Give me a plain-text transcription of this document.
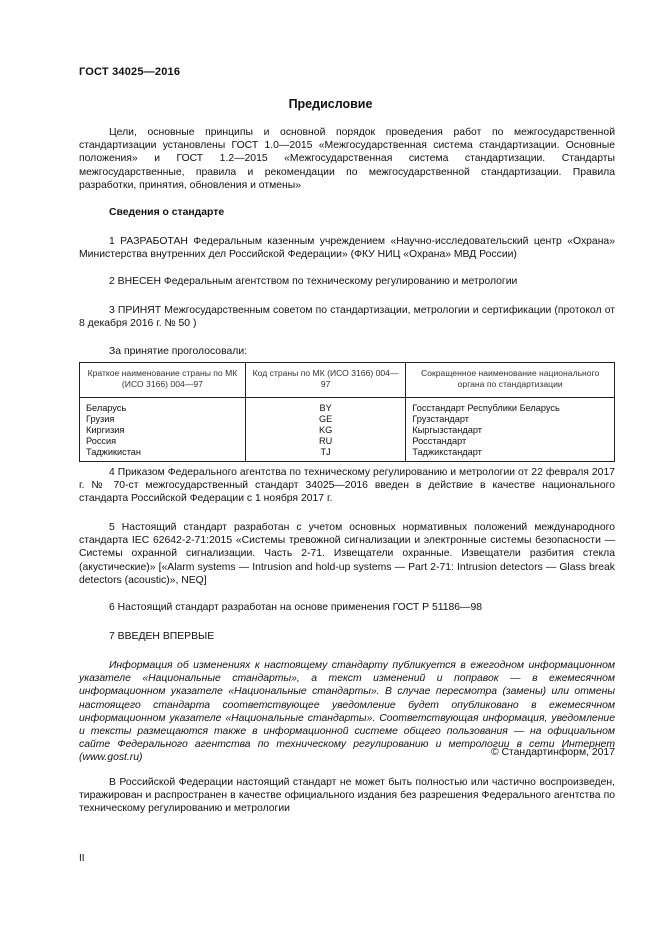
ГОСТ 34025—2016
Предисловие

Цели, основные принципы и основной порядок проведения работ по межгосударственной стандартизации установлены ГОСТ 1.0—2015 «Межгосударственная система стандартизации. Основные положения» и ГОСТ 1.2—2015 «Межгосударственная система стандартизации. Стандарты межгосударственные, правила и рекомендации по межгосударственной стандартизации. Правила разработки, принятия, обновления и отмены»

Сведения о стандарте

1 РАЗРАБОТАН Федеральным казенным учреждением «Научно-исследовательский центр «Охрана» Министерства внутренних дел Российской Федерации» (ФКУ НИЦ «Охрана» МВД России)

2 ВНЕСЕН Федеральным агентством по техническому регулированию и метрологии

3 ПРИНЯТ Межгосударственным советом по стандартизации, метрологии и сертификации (протокол от 8 декабря 2016 г. № 50 )

За принятие проголосовали:

Краткое наименование страны по МК (ИСО 3166) 004—97	Код страны по МК (ИСО 3166) 004—97	Сокращенное наименование национального органа по стандартизации
Беларусь	BY	Госстандарт Республики Беларусь
Грузия	GE	Грузстандарт
Киргизия	KG	Кыргызстандарт
Россия	RU	Росстандарт
Таджикистан	TJ	Таджикстандарт

4 Приказом Федерального агентства по техническому регулированию и метрологии от 22 февраля 2017 г. № 70-ст межгосударственный стандарт 34025—2016 введен в действие в качестве национального стандарта Российской Федерации с 1 ноября 2017 г.

5 Настоящий стандарт разработан с учетом основных нормативных положений международного стандарта IEC 62642-2-71:2015 «Системы тревожной сигнализации и электронные системы безопасности — Системы охранной сигнализации. Часть 2-71. Извещатели охранные. Извещатели разбития стекла (акустические)» [«Alarm systems — Intrusion and hold-up systems — Part 2-71: Intrusion detectors — Glass break detectors (acoustic)», NEQ]

6 Настоящий стандарт разработан на основе применения ГОСТ Р 51186—98

7 ВВЕДЕН ВПЕРВЫЕ

Информация об изменениях к настоящему стандарту публикуется в ежегодном информационном указателе «Национальные стандарты», а текст изменений и поправок — в ежемесячном информационном указателе «Национальные стандарты». В случае пересмотра (замены) или отмены настоящего стандарта соответствующее уведомление будет опубликовано в ежемесячном информационном указателе «Национальные стандарты». Соответствующая информация, уведомление и тексты размещаются также в информационной системе общего пользования — на официальном сайте Федерального агентства по техническому регулированию и метрологии в сети Интернет (www.gost.ru)	© Стандартинформ, 2017

В Российской Федерации настоящий стандарт не может быть полностью или частично воспроизведен, тиражирован и распространен в качестве официального издания без разрешения Федерального агентства по техническому регулированию и метрологии

II
